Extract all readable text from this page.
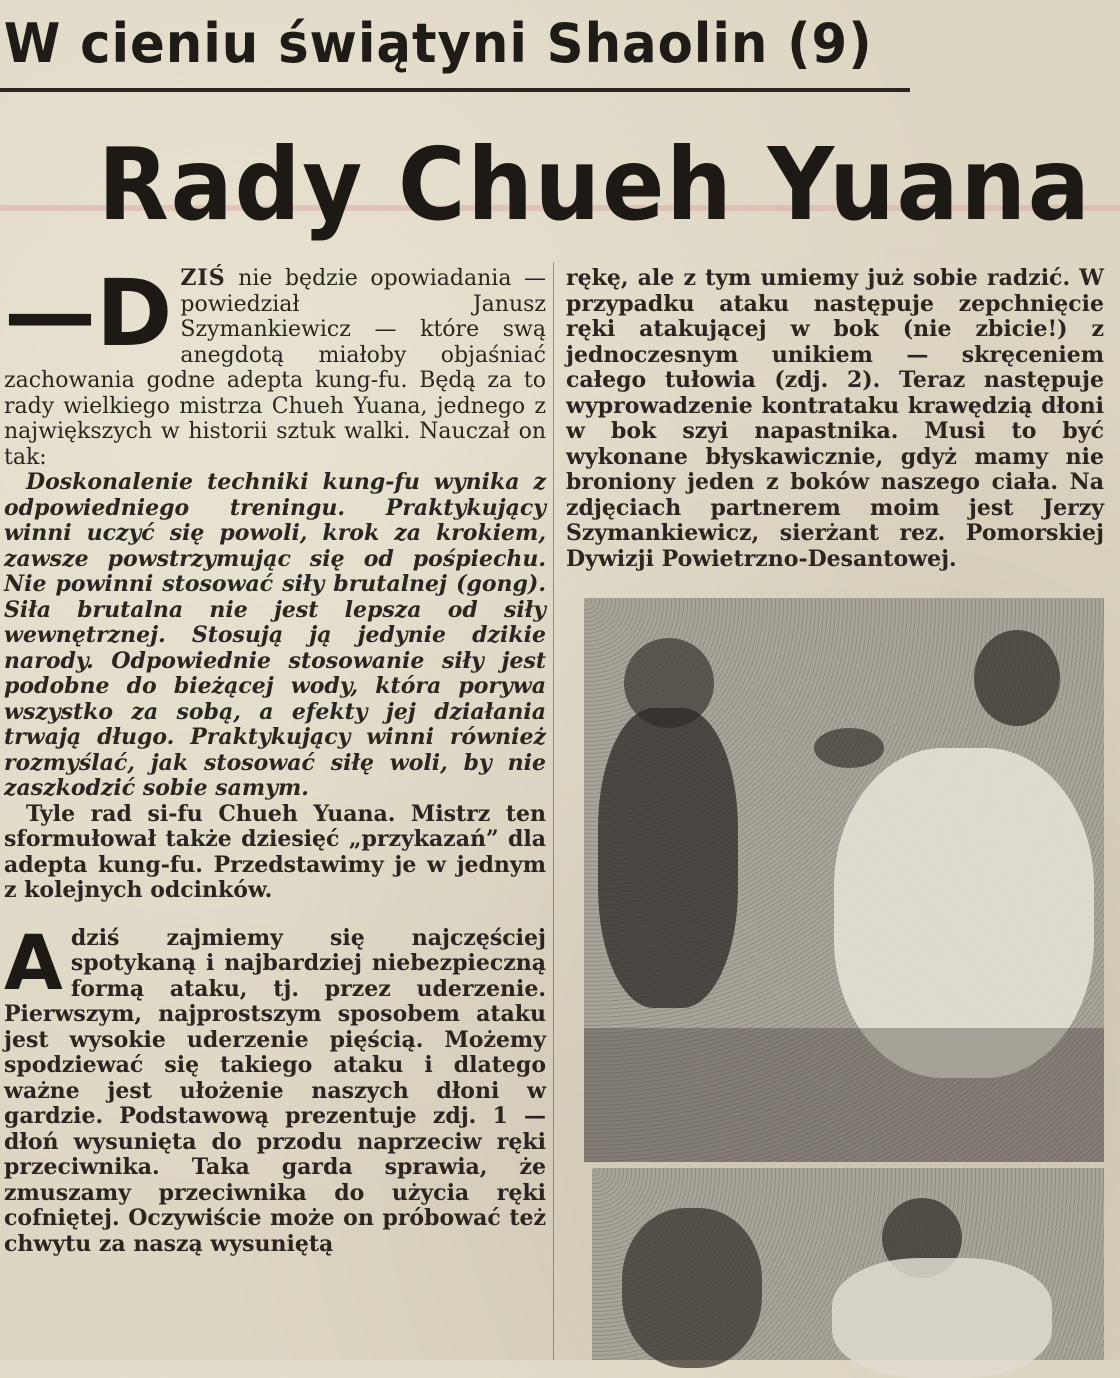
W cieniu świątyni Shaolin (9)
Rady Chueh Yuana

—D ZIŚ nie będzie opowiadania — powiedział Janusz Szymankiewicz — które swą anegdotą miałoby objaśniać zachowania godne adepta kung-fu. Będą za to rady wielkiego mistrza Chueh Yuana, jednego z największych w historii sztuk walki. Nauczał on tak:

Doskonalenie techniki kung-fu wynika z odpowiedniego treningu. Praktykujący winni uczyć się powoli, krok za krokiem, zawsze powstrzymując się od pośpiechu. Nie powinni stosować siły brutalnej (gong). Siła brutalna nie jest lepsza od siły wewnętrznej. Stosują ją jedynie dzikie narody. Odpowiednie stosowanie siły jest podobne do bieżącej wody, która porywa wszystko za sobą, a efekty jej działania trwają długo. Praktykujący winni również rozmyślać, jak stosować siłę woli, by nie zaszkodzić sobie samym.

Tyle rad si-fu Chueh Yuana. Mistrz ten sformułował także dziesięć „przykazań” dla adepta kung-fu. Przedstawimy je w jednym z kolejnych odcinków.

Adziś zajmiemy się najczęściej spotykaną i najbardziej niebezpieczną formą ataku, tj. przez uderzenie. Pierwszym, najprostszym sposobem ataku jest wysokie uderzenie pięścią. Możemy spodziewać się takiego ataku i dlatego ważne jest ułożenie naszych dłoni w gardzie. Podstawową prezentuje zdj. 1 — dłoń wysunięta do przodu naprzeciw ręki przeciwnika. Taka garda sprawia, że zmuszamy przeciwnika do użycia ręki cofniętej. Oczywiście może on próbować też chwytu za naszą wysuniętą

rękę, ale z tym umiemy już sobie radzić. W przypadku ataku następuje zepchnięcie ręki atakującej w bok (nie zbicie!) z jednoczesnym unikiem — skręceniem całego tułowia (zdj. 2). Teraz następuje wyprowadzenie kontrataku krawędzią dłoni w bok szyi napastnika. Musi to być wykonane błyskawicznie, gdyż mamy nie broniony jeden z boków naszego ciała. Na zdjęciach partnerem moim jest Jerzy Szymankiewicz, sierżant rez. Pomorskiej Dywizji Powietrzno-Desantowej.
